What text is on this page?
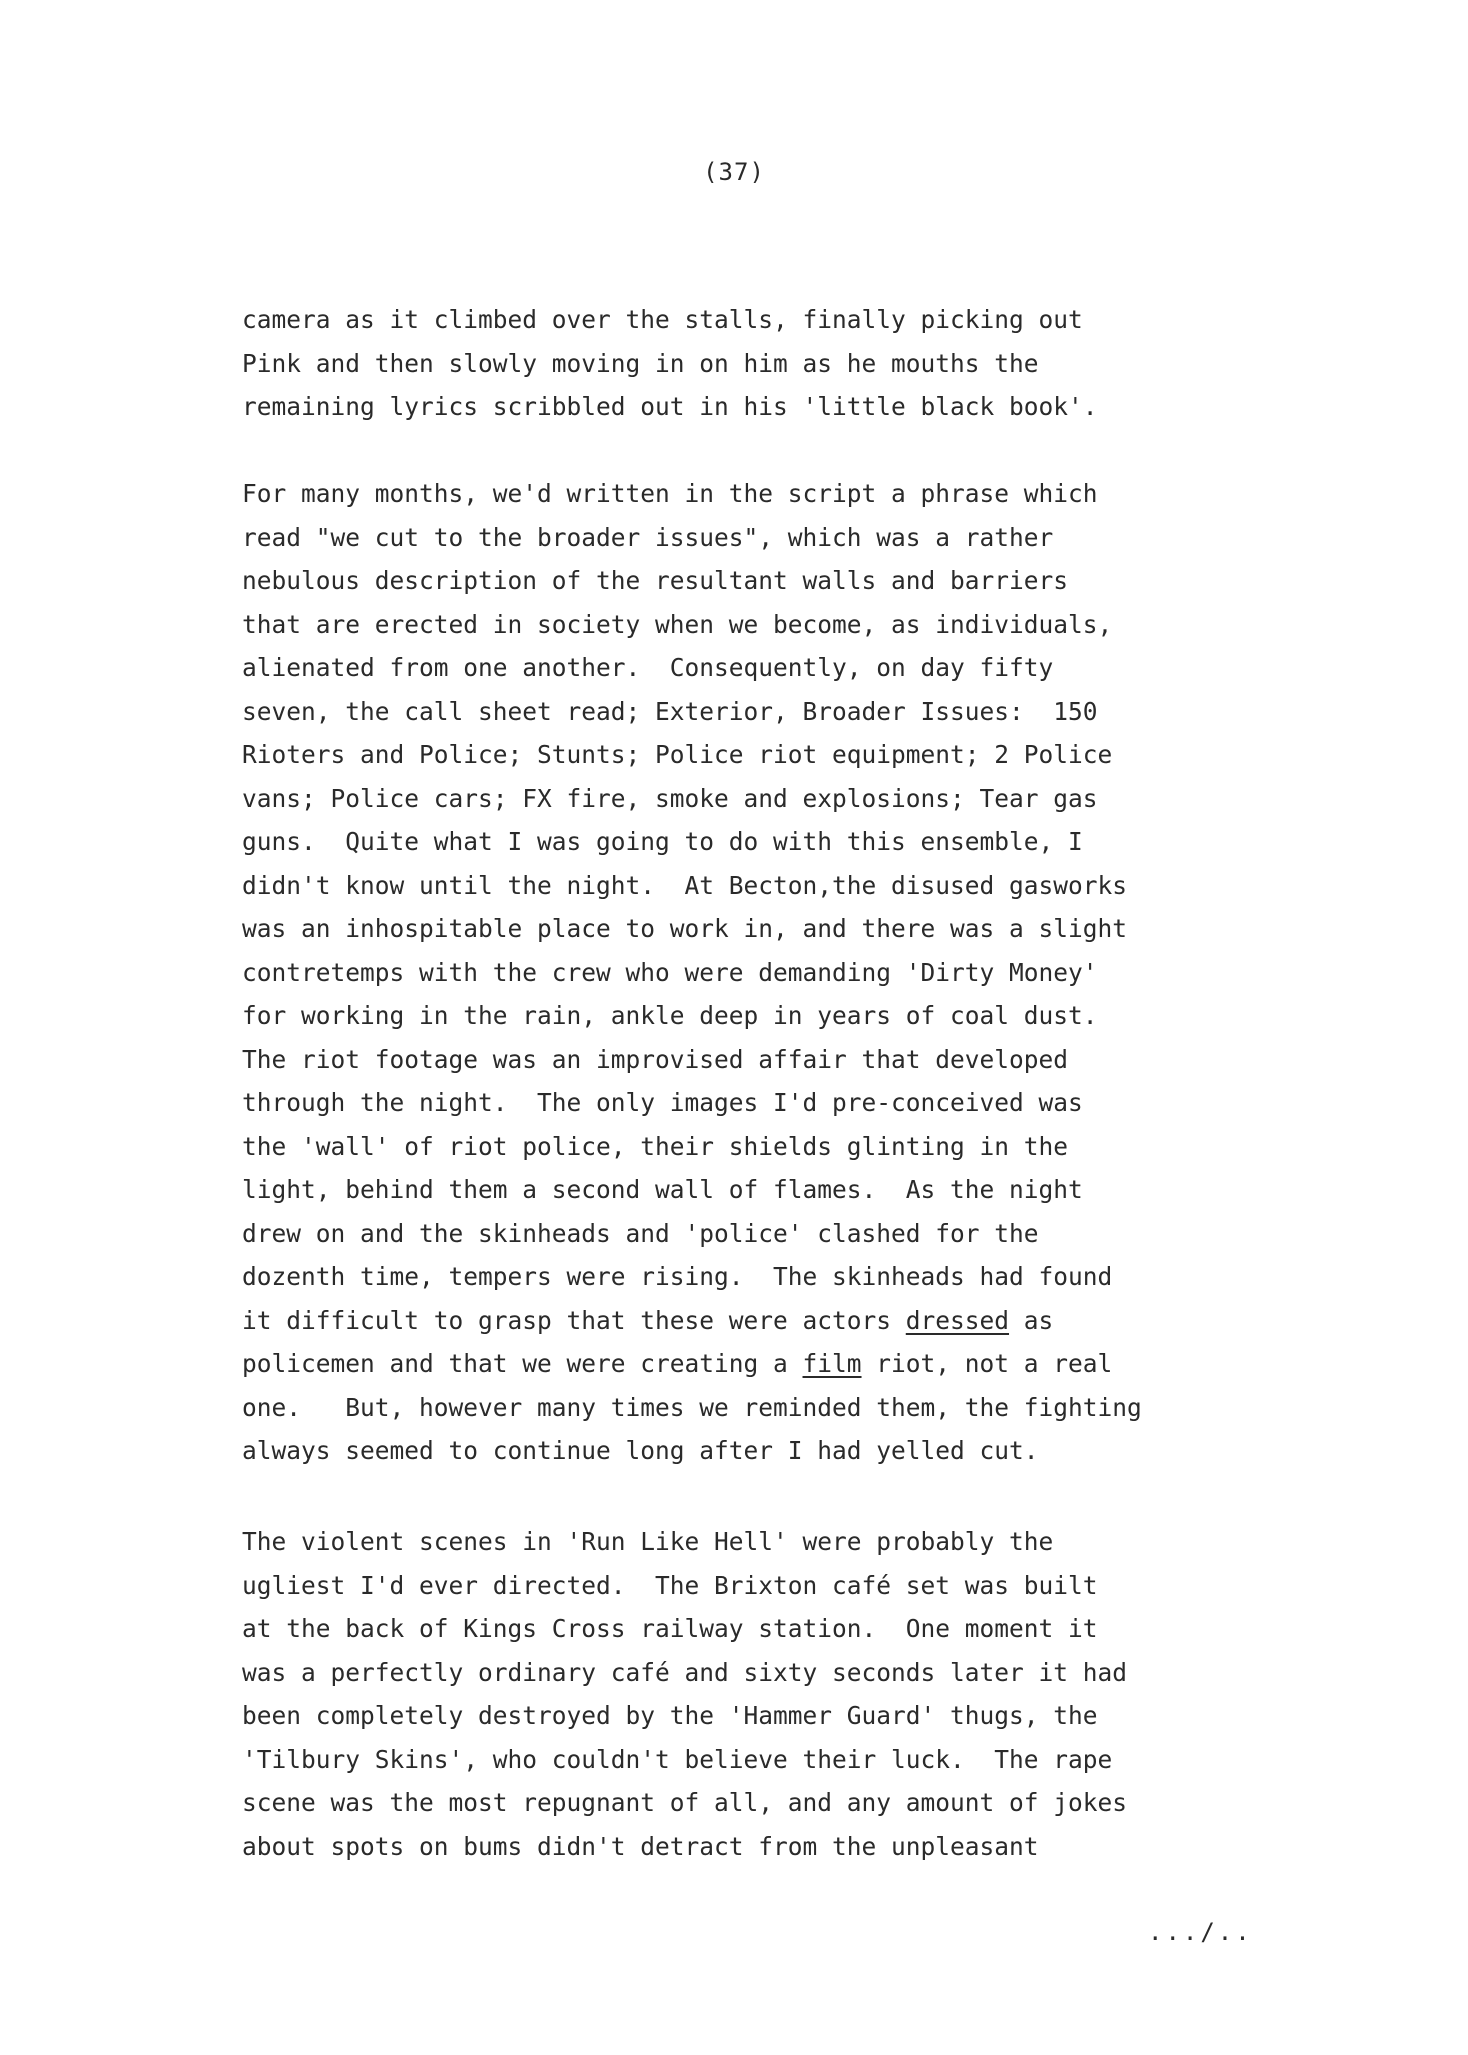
(37)
camera as it climbed over the stalls, finally picking out
Pink and then slowly moving in on him as he mouths the
remaining lyrics scribbled out in his 'little black book'.
For many months, we'd written in the script a phrase which
read "we cut to the broader issues", which was a rather
nebulous description of the resultant walls and barriers
that are erected in society when we become, as individuals,
alienated from one another.  Consequently, on day fifty
seven, the call sheet read; Exterior, Broader Issues:  150
Rioters and Police; Stunts; Police riot equipment; 2 Police
vans; Police cars; FX fire, smoke and explosions; Tear gas
guns.  Quite what I was going to do with this ensemble, I
didn't know until the night.  At Becton,the disused gasworks
was an inhospitable place to work in, and there was a slight
contretemps with the crew who were demanding 'Dirty Money'
for working in the rain, ankle deep in years of coal dust.
The riot footage was an improvised affair that developed
through the night.  The only images I'd pre-conceived was
the 'wall' of riot police, their shields glinting in the
light, behind them a second wall of flames.  As the night
drew on and the skinheads and 'police' clashed for the
dozenth time, tempers were rising.  The skinheads had found
it difficult to grasp that these were actors dressed as
policemen and that we were creating a film riot, not a real
one.   But, however many times we reminded them, the fighting
always seemed to continue long after I had yelled cut.
The violent scenes in 'Run Like Hell' were probably the
ugliest I'd ever directed.  The Brixton café set was built
at the back of Kings Cross railway station.  One moment it
was a perfectly ordinary café and sixty seconds later it had
been completely destroyed by the 'Hammer Guard' thugs, the
'Tilbury Skins', who couldn't believe their luck.  The rape
scene was the most repugnant of all, and any amount of jokes
about spots on bums didn't detract from the unpleasant
.../..
